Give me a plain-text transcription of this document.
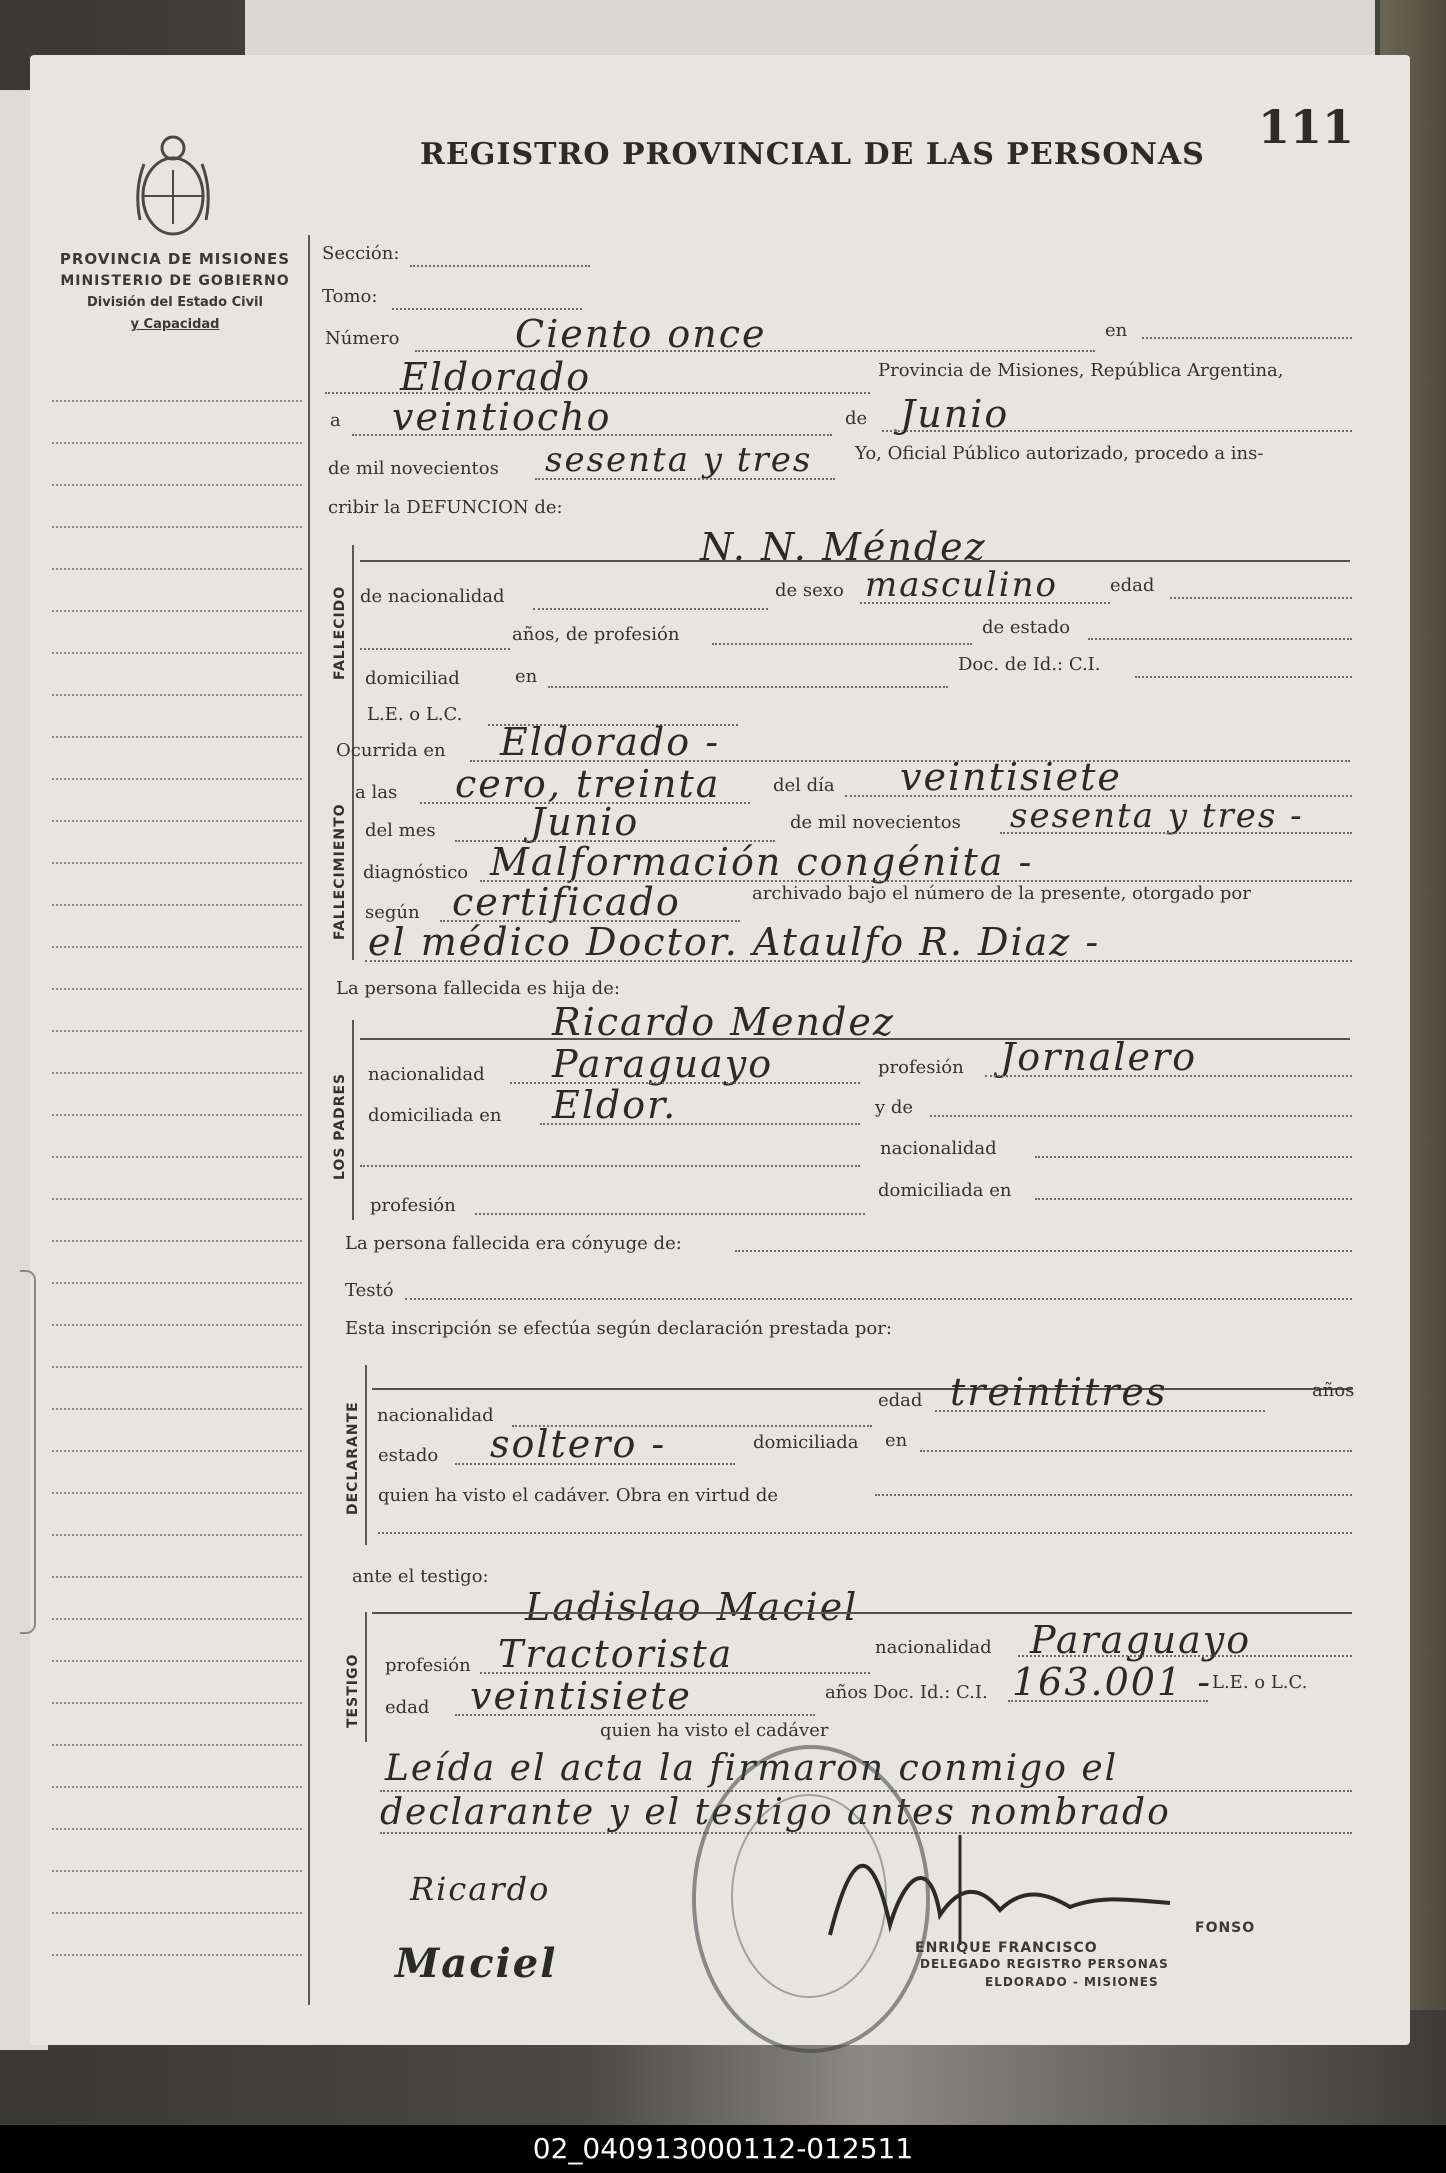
REGISTRO PROVINCIAL DE LAS PERSONAS
111
PROVINCIA DE MISIONES
MINISTERIO DE GOBIERNO
División del Estado Civil
y Capacidad
Sección:
Tomo:
Número	Ciento once	en
Eldorado	Provincia de Misiones, República Argentina,
a veintiocho	de Junio
de mil novecientos sesenta y tres Yo, Oficial Público autorizado, procedo a ins-
cribir la DEFUNCION de:
FALLECIDO
N. N. Méndez
de nacionalidad	de sexo masculino	edad
años, de profesión	de estado
domiciliad	en
Doc. de Id.: C.I.
L.E. o L.C.
Ocurrida en Eldorado -
FALLECIMIENTO
a las cero, treinta	del día veintisiete
del mes Junio	de mil novecientos sesenta y tres -
diagnóstico Malformación congénita -
según certificado	archivado bajo el número de la presente, otorgado por
el médico Doctor. Ataulfo R. Diaz -
La persona fallecida es hija de:
LOS PADRES
Ricardo Mendez
nacionalidad Paraguayo	profesión Jornalero
domiciliada en Eldor.	y de
nacionalidad
profesión
domiciliada en
La persona fallecida era cónyuge de:
Testó
Esta inscripción se efectúa según declaración prestada por:
DECLARANTE
edad treintitres	años
nacionalidad
estado soltero -	domiciliada en
quien ha visto el cadáver. Obra en virtud de
ante el testigo:
TESTIGO
Ladislao Maciel
profesión Tractorista	nacionalidad Paraguayo
edad veintisiete	años Doc. Id.: C.I. 163.001 - L.E. o L.C.
quien ha visto el cadáver
Leída el acta la firmaron conmigo el
declarante y el testigo antes nombrado
Ricardo
Maciel
FONSO
ENRIQUE FRANCISCO
DELEGADO REGISTRO PERSONAS
ELDORADO - MISIONES
02_040913000112-012511
